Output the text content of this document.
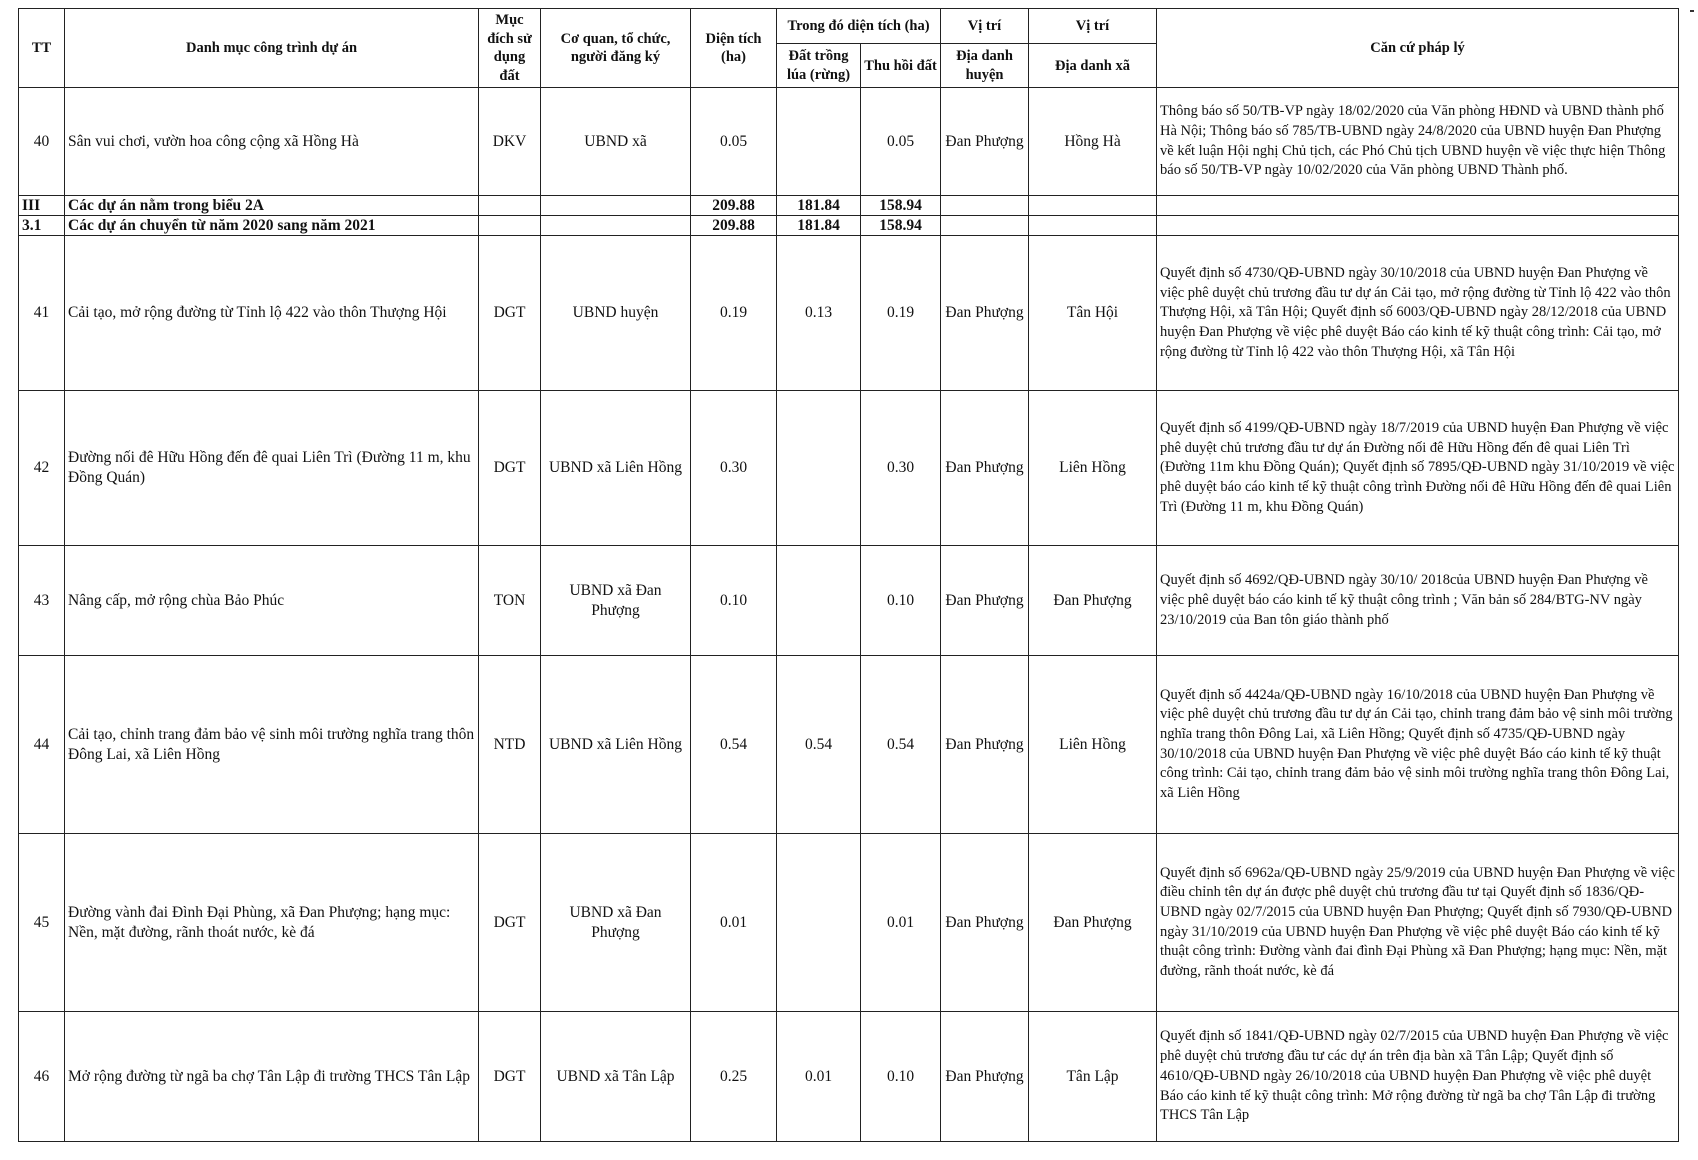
TT	Danh mục công trình dự án	Mục đích sử dụng đất	Cơ quan, tổ chức, người đăng ký	Diện tích (ha)	Trong đó diện tích (ha)		Vị trí	Vị trí	Căn cứ pháp lý
					Đất trồng lúa (rừng)	Thu hồi đất	Địa danh huyện	Địa danh xã	
40	Sân vui chơi, vườn hoa công cộng xã Hồng Hà	DKV	UBND xã	0.05		0.05	Đan Phượng	Hồng Hà	Thông báo số 50/TB-VP ngày 18/02/2020 của Văn phòng HĐND và UBND thành phố Hà Nội; Thông báo số 785/TB-UBND ngày 24/8/2020 của UBND huyện Đan Phượng về kết luận Hội nghị Chủ tịch, các Phó Chủ tịch UBND huyện về việc thực hiện Thông báo số 50/TB-VP ngày 10/02/2020 của Văn phòng UBND Thành phố.
III	Các dự án nằm trong biểu 2A			209.88	181.84	158.94			
3.1	Các dự án chuyển từ năm 2020 sang năm 2021			209.88	181.84	158.94			
41	Cải tạo, mở rộng đường từ Tỉnh lộ 422 vào thôn Thượng Hội	DGT	UBND huyện	0.19	0.13	0.19	Đan Phượng	Tân Hội	Quyết định số 4730/QĐ-UBND ngày 30/10/2018 của UBND huyện Đan Phượng về việc phê duyệt chủ trương đầu tư dự án Cải tạo, mở rộng đường từ Tỉnh lộ 422 vào thôn Thượng Hội, xã Tân Hội; Quyết định số 6003/QĐ-UBND ngày 28/12/2018 của UBND huyện Đan Phượng về việc phê duyệt Báo cáo kinh tế kỹ thuật công trình: Cải tạo, mở rộng đường từ Tỉnh lộ 422 vào thôn Thượng Hội, xã Tân Hội
42	Đường nối đê Hữu Hồng đến đê quai Liên Trì (Đường 11 m, khu Đồng Quán)	DGT	UBND xã Liên Hồng	0.30		0.30	Đan Phượng	Liên Hồng	Quyết định số 4199/QĐ-UBND ngày 18/7/2019 của UBND huyện Đan Phượng về việc phê duyệt chủ trương đầu tư dự án Đường nối đê Hữu Hồng đến đê quai Liên Trì (Đường 11m khu Đồng Quán); Quyết định số 7895/QĐ-UBND ngày 31/10/2019 về việc phê duyệt báo cáo kinh tế kỹ thuật công trình Đường nối đê Hữu Hồng đến đê quai Liên Trì (Đường 11 m, khu Đồng Quán)
43	Nâng cấp, mở rộng chùa Bảo Phúc	TON	UBND xã Đan Phượng	0.10		0.10	Đan Phượng	Đan Phượng	Quyết định số 4692/QĐ-UBND ngày 30/10/ 2018của UBND huyện Đan Phượng về việc phê duyệt báo cáo kinh tế kỹ thuật công trình ; Văn bản số 284/BTG-NV ngày 23/10/2019 của Ban tôn giáo thành phố
44	Cải tạo, chỉnh trang đảm bảo vệ sinh môi trường nghĩa trang thôn Đông Lai, xã Liên Hồng	NTD	UBND xã Liên Hồng	0.54	0.54	0.54	Đan Phượng	Liên Hồng	Quyết định số 4424a/QĐ-UBND ngày 16/10/2018 của UBND huyện Đan Phượng về việc phê duyệt chủ trương đầu tư dự án Cải tạo, chỉnh trang đảm bảo vệ sinh môi trường nghĩa trang thôn Đông Lai, xã Liên Hồng; Quyết định số 4735/QĐ-UBND ngày 30/10/2018 của UBND huyện Đan Phượng về việc phê duyệt Báo cáo kinh tế kỹ thuật công trình: Cải tạo, chỉnh trang đảm bảo vệ sinh môi trường nghĩa trang thôn Đông Lai, xã Liên Hồng
45	Đường vành đai Đình Đại Phùng, xã Đan Phượng; hạng mục: Nền, mặt đường, rãnh thoát nước, kè đá	DGT	UBND xã Đan Phượng	0.01		0.01	Đan Phượng	Đan Phượng	Quyết định số 6962a/QĐ-UBND ngày 25/9/2019 của UBND huyện Đan Phượng về việc điều chỉnh tên dự án được phê duyệt chủ trương đầu tư tại Quyết định số 1836/QĐ-UBND ngày 02/7/2015 của UBND huyện Đan Phượng; Quyết định số 7930/QĐ-UBND ngày 31/10/2019 của UBND huyện Đan Phượng về việc phê duyệt Báo cáo kinh tế kỹ thuật công trình: Đường vành đai đình Đại Phùng xã Đan Phượng; hạng mục: Nền, mặt đường, rãnh thoát nước, kè đá
46	Mở rộng đường từ ngã ba chợ Tân Lập đi trường THCS Tân Lập	DGT	UBND xã Tân Lập	0.25	0.01	0.10	Đan Phượng	Tân Lập	Quyết định số 1841/QĐ-UBND ngày 02/7/2015 của UBND huyện Đan Phượng về việc phê duyệt chủ trương đầu tư các dự án trên địa bàn xã Tân Lập; Quyết định số 4610/QĐ-UBND ngày 26/10/2018 của UBND huyện Đan Phượng về việc phê duyệt Báo cáo kinh tế kỹ thuật công trình: Mở rộng đường từ ngã ba chợ Tân Lập đi trường THCS Tân Lập
